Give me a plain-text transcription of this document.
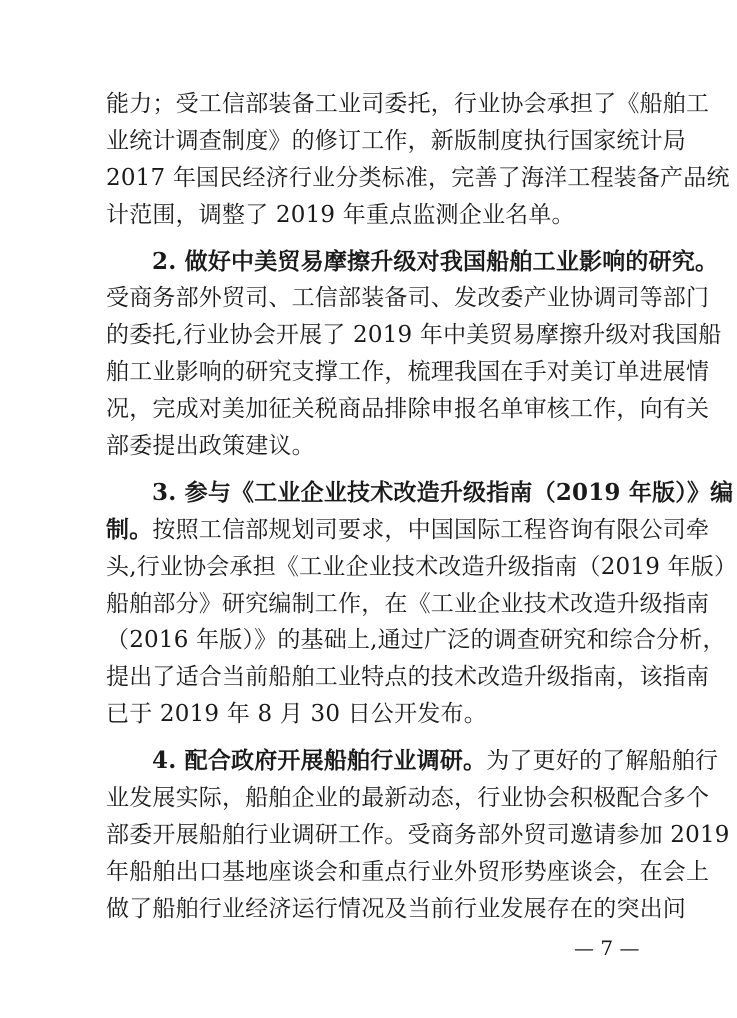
能力；受工信部装备工业司委托，行业协会承担了《船舶工
业统计调查制度》的修订工作，新版制度执行国家统计局
2017 年国民经济行业分类标准，完善了海洋工程装备产品统
计范围，调整了 2019 年重点监测企业名单。
2. 做好中美贸易摩擦升级对我国船舶工业影响的研究。
受商务部外贸司、工信部装备司、发改委产业协调司等部门
的委托,行业协会开展了 2019 年中美贸易摩擦升级对我国船
舶工业影响的研究支撑工作，梳理我国在手对美订单进展情
况，完成对美加征关税商品排除申报名单审核工作，向有关
部委提出政策建议。
3. 参与《工业企业技术改造升级指南（2019 年版）》编
制。按照工信部规划司要求，中国国际工程咨询有限公司牵
头,行业协会承担《工业企业技术改造升级指南（2019 年版）
船舶部分》研究编制工作，在《工业企业技术改造升级指南
（2016 年版）》的基础上,通过广泛的调查研究和综合分析，
提出了适合当前船舶工业特点的技术改造升级指南，该指南
已于 2019 年 8 月 30 日公开发布。
4. 配合政府开展船舶行业调研。为了更好的了解船舶行
业发展实际，船舶企业的最新动态，行业协会积极配合多个
部委开展船舶行业调研工作。受商务部外贸司邀请参加 2019
年船舶出口基地座谈会和重点行业外贸形势座谈会，在会上
做了船舶行业经济运行情况及当前行业发展存在的突出问
— 7 —
